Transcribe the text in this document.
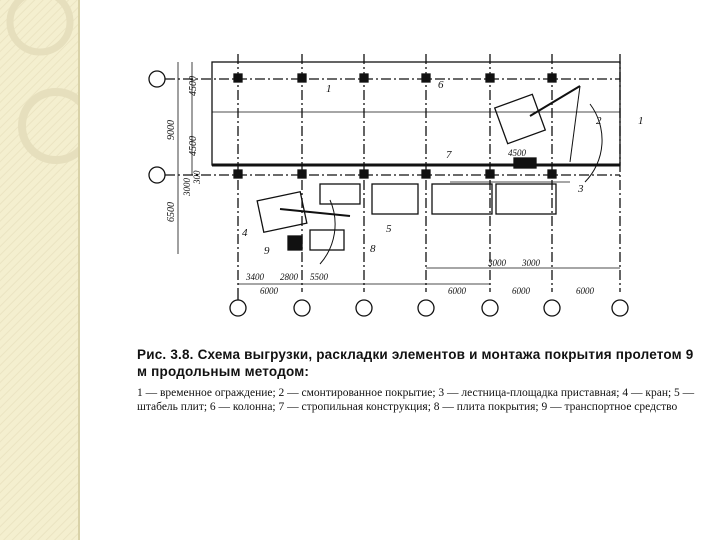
4500
9000
4500
3000
300
6500
3400 2800 5500
6000	6000	6000	6000
3000 3000
4500
1
1
2
3
4	5
6
7
8
9

Рис. 3.8. Схема выгрузки, раскладки элементов и монтажа покрытия пролетом 9 м продольным методом:

1 — временное ограждение; 2 — смонтированное покрытие; 3 — лестница-площадка приставная; 4 — кран; 5 — штабель плит; 6 — колонна; 7 — стропильная конструкция; 8 — плита покрытия; 9 — транспортное средство
